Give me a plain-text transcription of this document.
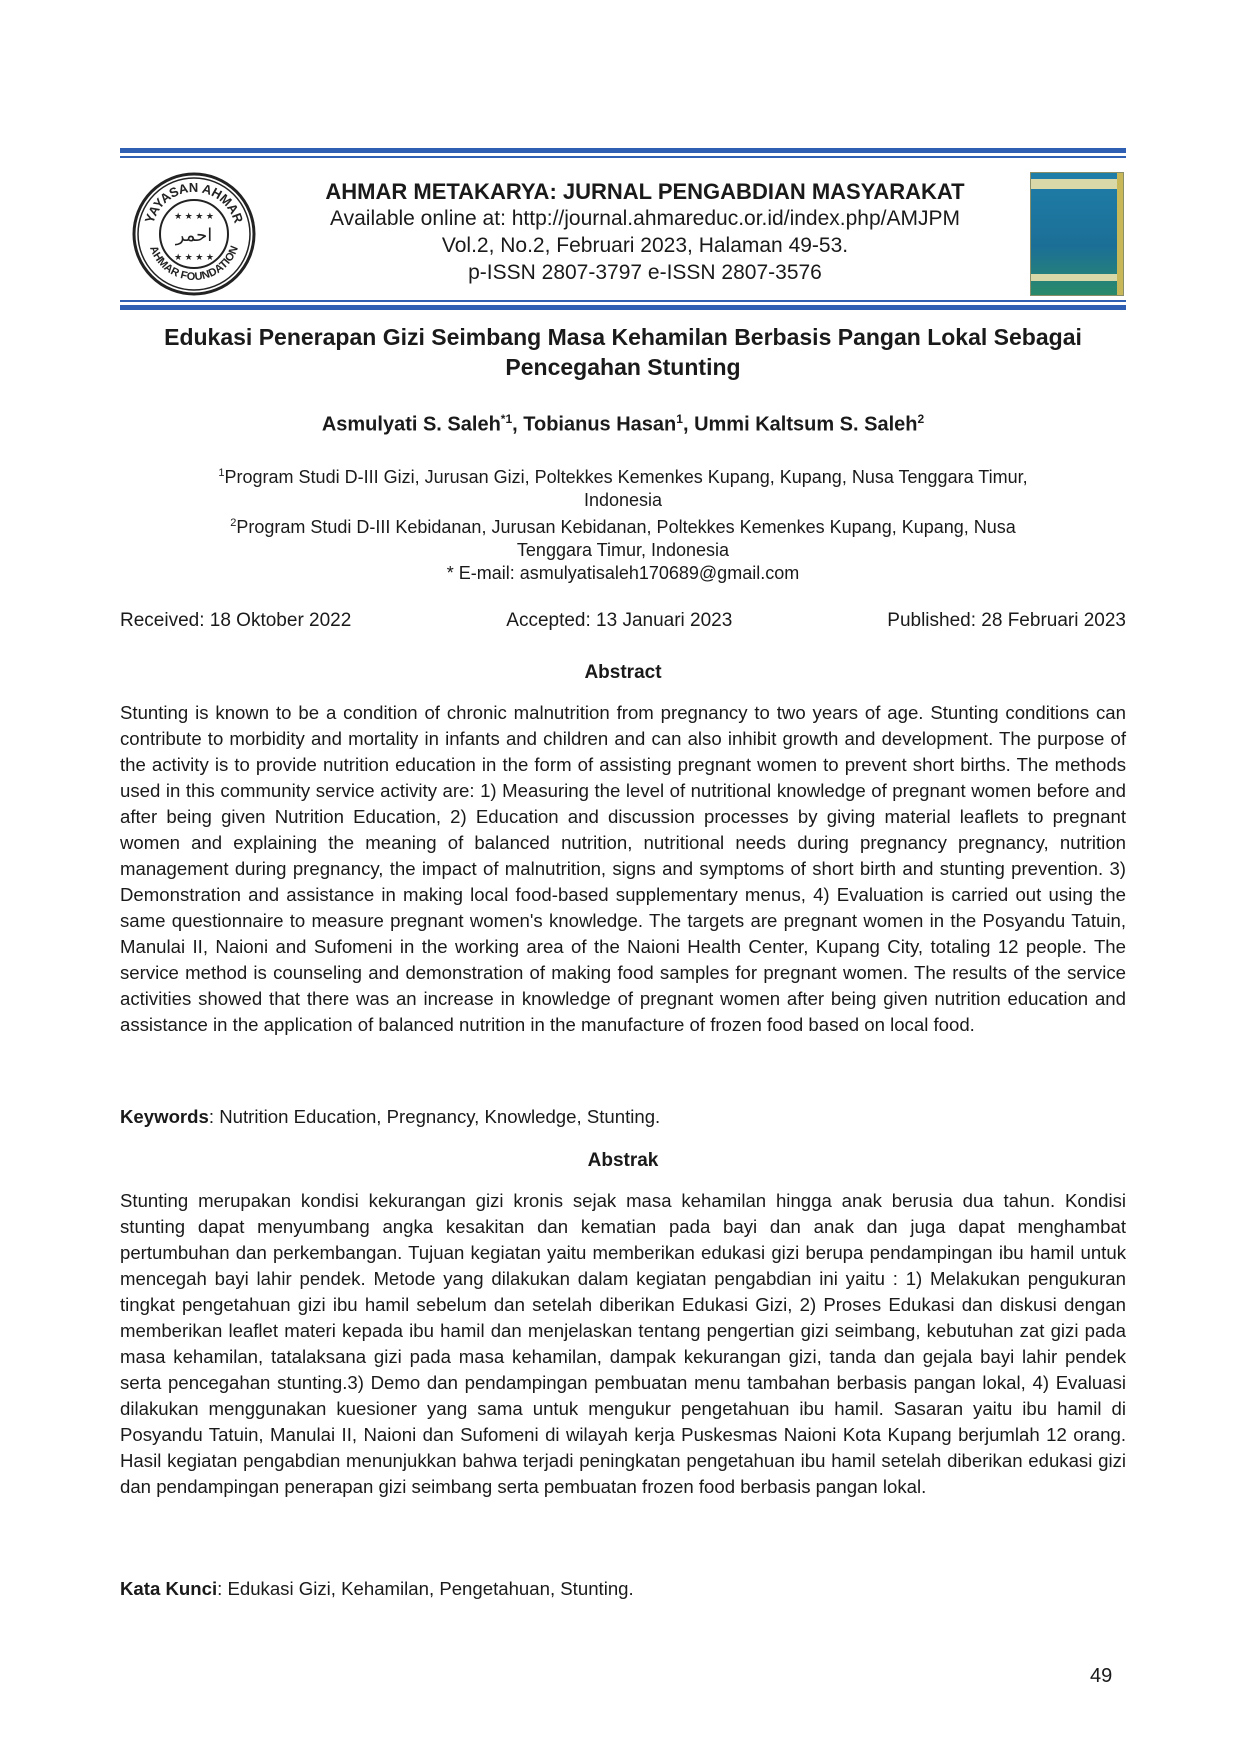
YAYASAN AHMAR
AHMAR FOUNDATION
★ ★ ★ ★
★ ★ ★ ★
احمر
AHMAR METAKARYA: JURNAL PENGABDIAN MASYARAKAT
Available online at: http://journal.ahmareduc.or.id/index.php/AMJPM
Vol.2, No.2, Februari 2023, Halaman 49-53.
p-ISSN 2807-3797 e-ISSN 2807-3576
Edukasi Penerapan Gizi Seimbang Masa Kehamilan Berbasis Pangan Lokal Sebagai
Pencegahan Stunting
Asmulyati S. Saleh$^{*1}$, Tobianus Hasan$^1$, Ummi Kaltsum S. Saleh$^2$
$^1$Program Studi D-III Gizi, Jurusan Gizi, Poltekkes Kemenkes Kupang, Kupang, Nusa Tenggara Timur,
Indonesia
$^2$Program Studi D-III Kebidanan, Jurusan Kebidanan, Poltekkes Kemenkes Kupang, Kupang, Nusa
Tenggara Timur, Indonesia
* E-mail: asmulyatisaleh170689@gmail.com
Received: 18 Oktober 2022	Accepted: 13 Januari 2023	Published: 28 Februari 2023
Abstract
Stunting is known to be a condition of chronic malnutrition from pregnancy to two years of age. Stunting conditions can contribute to morbidity and mortality in infants and children and can also inhibit growth and development. The purpose of the activity is to provide nutrition education in the form of assisting pregnant women to prevent short births. The methods used in this community service activity are: 1) Measuring the level of nutritional knowledge of pregnant women before and after being given Nutrition Education, 2) Education and discussion processes by giving material leaflets to pregnant women and explaining the meaning of balanced nutrition, nutritional needs during pregnancy pregnancy, nutrition management during pregnancy, the impact of malnutrition, signs and symptoms of short birth and stunting prevention. 3) Demonstration and assistance in making local food-based supplementary menus, 4) Evaluation is carried out using the same questionnaire to measure pregnant women's knowledge. The targets are pregnant women in the Posyandu Tatuin, Manulai II, Naioni and Sufomeni in the working area of the Naioni Health Center, Kupang City, totaling 12 people. The service method is counseling and demonstration of making food samples for pregnant women. The results of the service activities showed that there was an increase in knowledge of pregnant women after being given nutrition education and assistance in the application of balanced nutrition in the manufacture of frozen food based on local food.
Keywords: Nutrition Education, Pregnancy, Knowledge, Stunting.
Abstrak
Stunting merupakan kondisi kekurangan gizi kronis sejak masa kehamilan hingga anak berusia dua tahun. Kondisi stunting dapat menyumbang angka kesakitan dan kematian pada bayi dan anak dan juga dapat menghambat pertumbuhan dan perkembangan. Tujuan kegiatan yaitu memberikan edukasi gizi berupa pendampingan ibu hamil untuk mencegah bayi lahir pendek. Metode yang dilakukan dalam kegiatan pengabdian ini yaitu : 1) Melakukan pengukuran tingkat pengetahuan gizi ibu hamil sebelum dan setelah diberikan Edukasi Gizi, 2) Proses Edukasi dan diskusi dengan memberikan leaflet materi kepada ibu hamil dan menjelaskan tentang pengertian gizi seimbang, kebutuhan zat gizi pada masa kehamilan, tatalaksana gizi pada masa kehamilan, dampak kekurangan gizi, tanda dan gejala bayi lahir pendek serta pencegahan stunting.3) Demo dan pendampingan pembuatan menu tambahan berbasis pangan lokal, 4) Evaluasi dilakukan menggunakan kuesioner yang sama untuk mengukur pengetahuan ibu hamil. Sasaran yaitu ibu hamil di Posyandu Tatuin, Manulai II, Naioni dan Sufomeni di wilayah kerja Puskesmas Naioni Kota Kupang berjumlah 12 orang. Hasil kegiatan pengabdian menunjukkan bahwa terjadi peningkatan pengetahuan ibu hamil setelah diberikan edukasi gizi dan pendampingan penerapan gizi seimbang serta pembuatan frozen food berbasis pangan lokal.
Kata Kunci: Edukasi Gizi, Kehamilan, Pengetahuan, Stunting.
49
